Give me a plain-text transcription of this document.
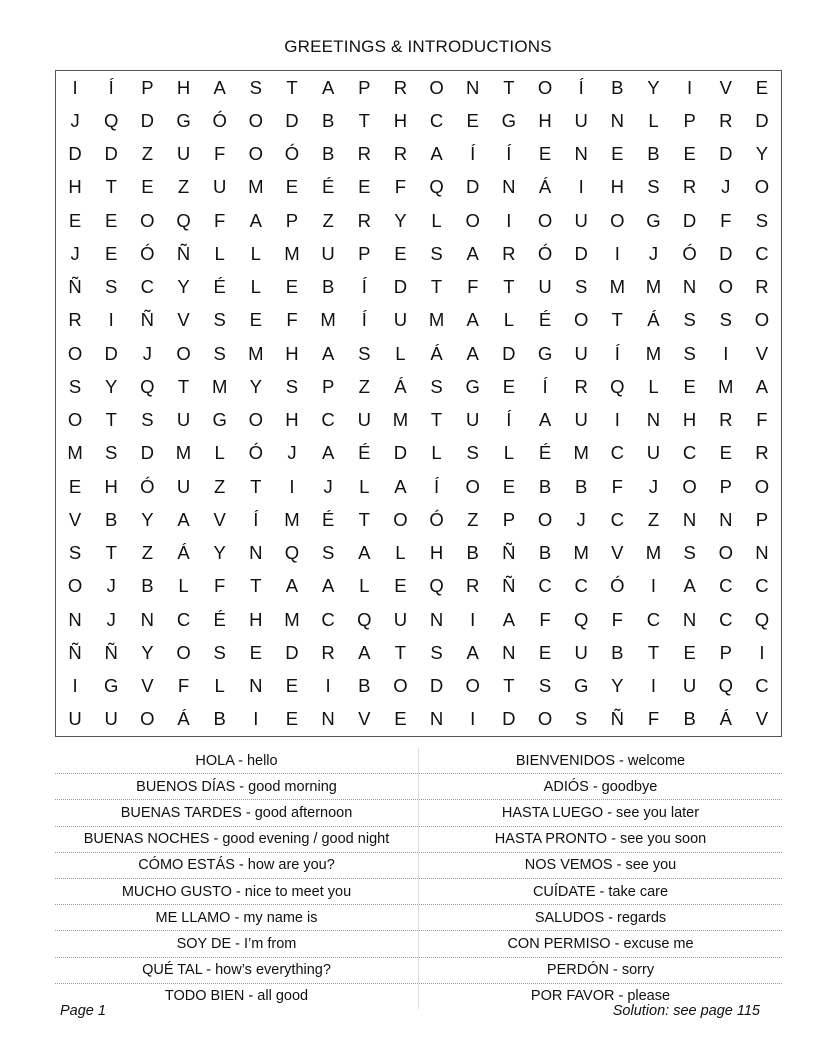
GREETINGS & INTRODUCTIONS
I	Í	P	H	A	S	T	A	P	R	O	N	T	O	Í	B	Y	I	V	E
J	Q	D	G	Ó	O	D	B	T	H	C	E	G	H	U	N	L	P	R	D
D	D	Z	U	F	O	Ó	B	R	R	A	Í	Í	E	N	E	B	E	D	Y
H	T	E	Z	U	M	E	É	E	F	Q	D	N	Á	I	H	S	R	J	O
E	E	O	Q	F	A	P	Z	R	Y	L	O	I	O	U	O	G	D	F	S
J	E	Ó	Ñ	L	L	M	U	P	E	S	A	R	Ó	D	I	J	Ó	D	C
Ñ	S	C	Y	É	L	E	B	Í	D	T	F	T	U	S	M	M	N	O	R
R	I	Ñ	V	S	E	F	M	Í	U	M	A	L	É	O	T	Á	S	S	O
O	D	J	O	S	M	H	A	S	L	Á	A	D	G	U	Í	M	S	I	V
S	Y	Q	T	M	Y	S	P	Z	Á	S	G	E	Í	R	Q	L	E	M	A
O	T	S	U	G	O	H	C	U	M	T	U	Í	A	U	I	N	H	R	F
M	S	D	M	L	Ó	J	A	É	D	L	S	L	É	M	C	U	C	E	R
E	H	Ó	U	Z	T	I	J	L	A	Í	O	E	B	B	F	J	O	P	O
V	B	Y	A	V	Í	M	É	T	O	Ó	Z	P	O	J	C	Z	N	N	P
S	T	Z	Á	Y	N	Q	S	A	L	H	B	Ñ	B	M	V	M	S	O	N
O	J	B	L	F	T	A	A	L	E	Q	R	Ñ	C	C	Ó	I	A	C	C
N	J	N	C	É	H	M	C	Q	U	N	I	A	F	Q	F	C	N	C	Q
Ñ	Ñ	Y	O	S	E	D	R	A	T	S	A	N	E	U	B	T	E	P	I
I	G	V	F	L	N	E	I	B	O	D	O	T	S	G	Y	I	U	Q	C
U	U	O	Á	B	I	E	N	V	E	N	I	D	O	S	Ñ	F	B	Á	V
HOLA - hello	BIENVENIDOS - welcome
BUENOS DÍAS - good morning	ADIÓS - goodbye
BUENAS TARDES - good afternoon	HASTA LUEGO - see you later
BUENAS NOCHES - good evening / good night	HASTA PRONTO - see you soon
CÓMO ESTÁS - how are you?	NOS VEMOS - see you
MUCHO GUSTO - nice to meet you	CUÍDATE - take care
ME LLAMO - my name is	SALUDOS - regards
SOY DE - I’m from	CON PERMISO - excuse me
QUÉ TAL - how’s everything?	PERDÓN - sorry
TODO BIEN - all good	POR FAVOR - please
Page 1	Solution: see page 115
